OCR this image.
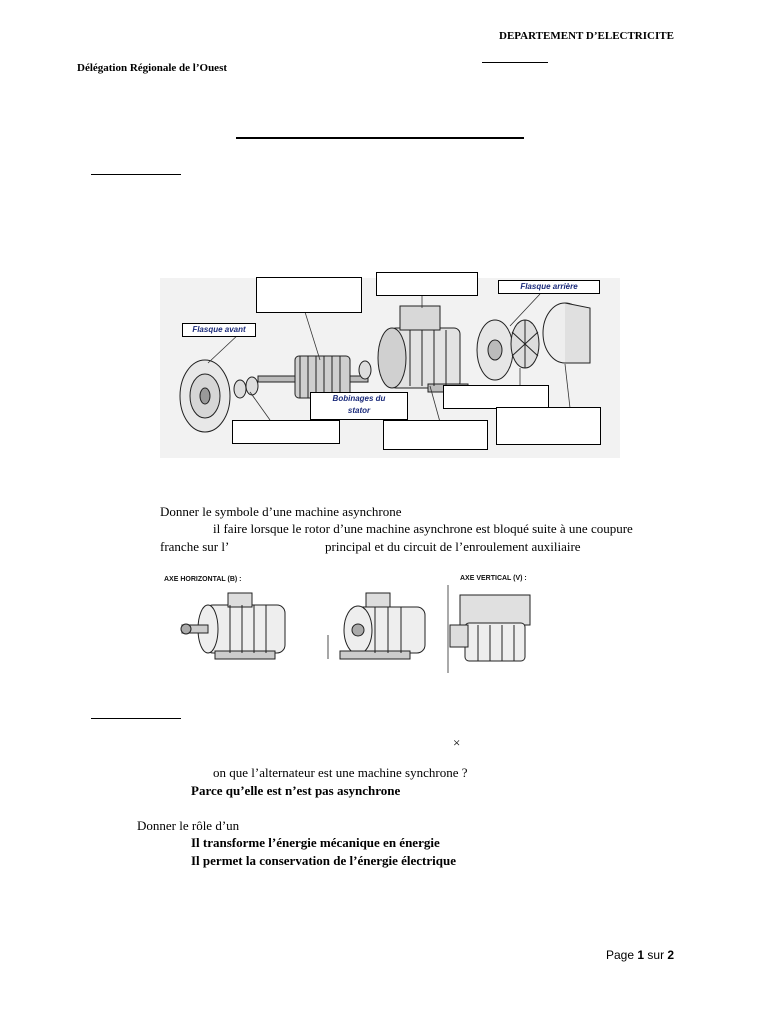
DEPARTEMENT D’ELECTRICITE
Délégation Régionale de l’Ouest
Flasque avant
Flasque arrière
Bobinages du
stator
Donner le symbole d’une machine asynchrone
il faire lorsque le rotor d’une machine asynchrone est bloqué suite à une coupure
franche sur l’	principal et du circuit de l’enroulement auxiliaire
AXE HORIZONTAL (B) :	AXE VERTICAL (V) :
×
on que l’alternateur est une machine synchrone ?
Parce qu’elle est n’est pas asynchrone
Donner le rôle d’un
Il transforme l’énergie mécanique en énergie
Il permet la conservation de l’énergie électrique
Page 1 sur 2
